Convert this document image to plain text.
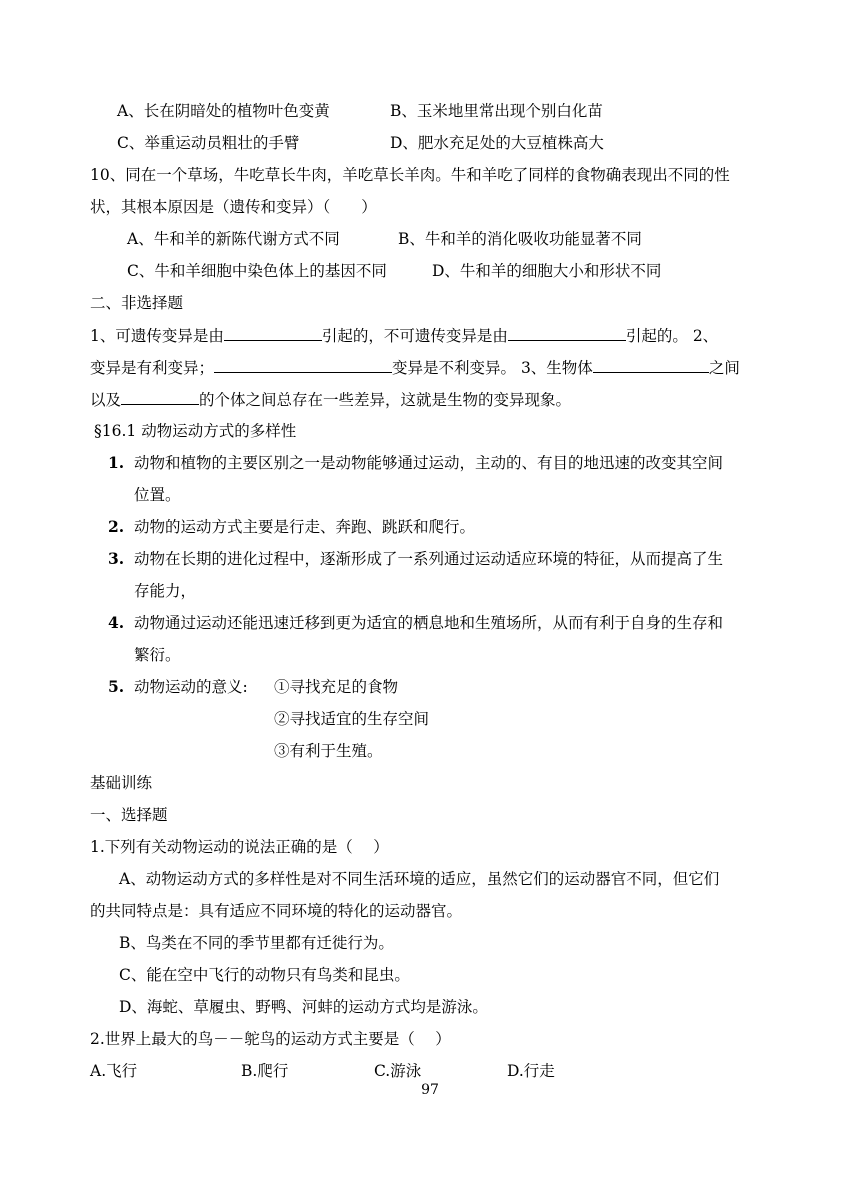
A、长在阴暗处的植物叶色变黄	B、玉米地里常出现个别白化苗
C、举重运动员粗壮的手臂	D、肥水充足处的大豆植株高大
10、同在一个草场，牛吃草长牛肉，羊吃草长羊肉。牛和羊吃了同样的食物确表现出不同的性
状，其根本原因是（遗传和变异）（　　）
A、牛和羊的新陈代谢方式不同	B、牛和羊的消化吸收功能显著不同
C、牛和羊细胞中染色体上的基因不同	D、牛和羊的细胞大小和形状不同
二、非选择题
1、可遗传变异是由	引起的，不可遗传变异是由	引起的。 2、
变异是有利变异；	变异是不利变异。 3、生物体	之间
以及	的个体之间总存在一些差异，这就是生物的变异现象。
§16.1 动物运动方式的多样性
1. 动物和植物的主要区别之一是动物能够通过运动，主动的、有目的地迅速的改变其空间
位置。
2. 动物的运动方式主要是行走、奔跑、跳跃和爬行。
3. 动物在长期的进化过程中，逐渐形成了一系列通过运动适应环境的特征，从而提高了生
存能力，
4. 动物通过运动还能迅速迁移到更为适宜的栖息地和生殖场所，从而有利于自身的生存和
繁衍。
5. 动物运动的意义: ①寻找充足的食物
②寻找适宜的生存空间
③有利于生殖。
基础训练
一、选择题
1.下列有关动物运动的说法正确的是（　 ）
A、动物运动方式的多样性是对不同生活环境的适应，虽然它们的运动器官不同，但它们
的共同特点是：具有适应不同环境的特化的运动器官。
B、鸟类在不同的季节里都有迁徙行为。
C、能在空中飞行的动物只有鸟类和昆虫。
D、海蛇、草履虫、野鸭、河蚌的运动方式均是游泳。
2.世界上最大的鸟－－鸵鸟的运动方式主要是（　 ）
A.飞行	B.爬行	C.游泳	D.行走
97
